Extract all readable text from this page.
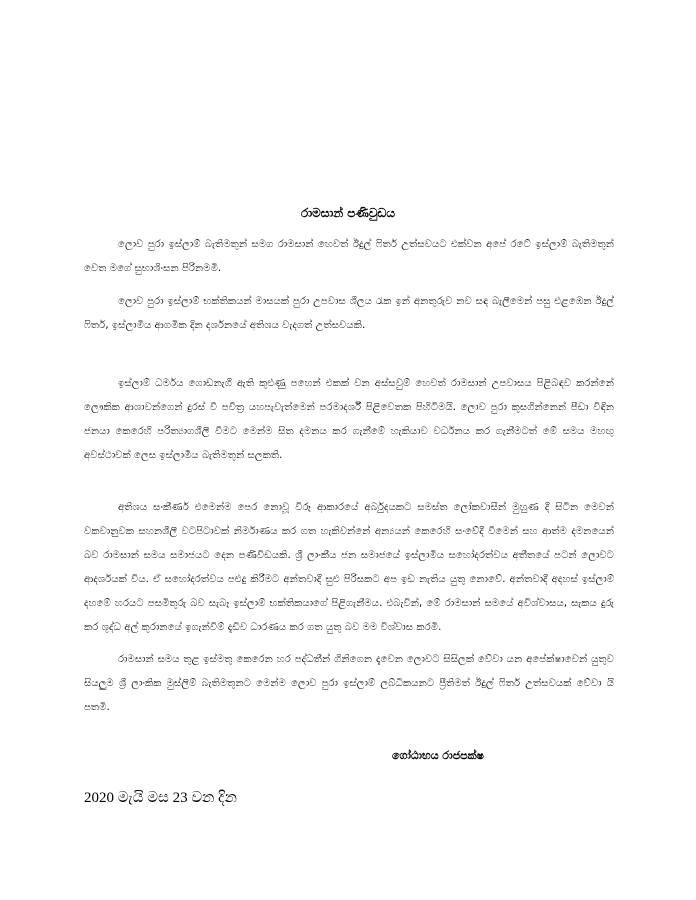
රාමසාන් පණිවුඩය

ලොව පුරා ඉස්ලාම් බැතිමතුන් සමග රාමසාන් හෙවත් ඊදුල් ෆිතර් උත්සවයට එක්වන අපේ රටේ ඉස්ලාම් බැතිමතුන් වෙත මගේ සුභාශිංසන පිරිනමමි.

ලොව පුරා ඉස්ලාම් භක්තිකයන් මාසයක් පුරා උපවාස ශීලය රැක ඉන් අනතුරුව නව සඳ බැලීමෙන් පසු එළඹෙන ඊදුල් ෆිතර්, ඉස්ලාමීය ආගමික දින දර්ශනයේ අතිශය වැදගත් උත්සවයකි.

ඉස්ලාම් ධර්මය ගොඩනැගී ඇති කුළුණු පහෙන් එකක් වන අස්සවුම් හෙවත් රාමසාන් උපවාසය පිළිබඳව කරන්නේ ලෞකික ආශාවන්ගෙන් දුරස් වී පවිත්‍ර යහපැවැත්මෙන් පරමාදර්ශී පිළිවෙතක පිහිටීමයි. ලොව පුරා කුසගින්නෙන් පීඩා විඳින ජනයා කෙරෙහි පරිත්‍යාගශීලී වීමට මෙන්ම සිත දමනය කර ගැනීමේ හැකියාව වර්ධනය කර ගැනීමටත් මේ සමය මහඟු අවස්ථාවක් ලෙස ඉස්ලාමීය බැතිමතුන් සලකති.

අතිශය සංකීර්ණ එමෙන්ම පෙර නොවූ විරූ ආකාරයේ අර්බුදයකට සමස්ත ලෝකවාසීන් මුහුණ දී සිටින මෙවන් වකවානුවක සහනශීලී වටපිටාවක් නිර්මාණය කර ගත හැකිවන්නේ අන්‍යයන් කෙරෙහි සංවේදී වීමෙන් සහ ආත්ම දමනයෙන් බව රාමසාන් සමය සමාජයට දෙන පණිවිඩයකි. ශ්‍රී ලාංකීය ජන සමාජයේ ඉස්ලාමීය සහෝදරත්වය අතීතයේ පටන් ලොවට ආදර්ශයක් විය. ඒ සහෝදරත්වය පළුදු කිරීමට අන්තවාදී සුළු පිරිසකට අප ඉඩ නැතිය යුතු නොවේ. අන්තවාදී අදහස් ඉස්ලාම් දහමේ හරයට පසමිතුරු බව සැබෑ ඉස්ලාම් භක්තිකයාගේ පිළිගැනීමය. එබැවින්, මේ රාමසාන් සමයේ අවිශ්වාසය, සැකය දුරු කර ශුද්ධ අල් කුරානයේ ඉගැන්වීම් දැඩිව ධාරණය කර ගත යුතු බව මම විශ්වාස කරමි.

රාමසාන් සමය තුළ ඉස්මතු කෙරෙන හර පද්ධතීන් ගිනිගෙන දැවෙන ලොවට සිසිලක් වේවා යන අපේක්ෂාවෙන් යුතුව සියලුම ශ්‍රී ලාංකික මුස්ලිම් බැතිමතුනට මෙන්ම ලොව පුරා ඉස්ලාම් ලබ්ධිකයනට ප්‍රීතිමත් ඊදුල් ෆිතර් උත්සවයක් වේවා යි පතමි.

ගෝඨාභය රාජපක්ෂ
2020 මැයි මස 23 වන දින
